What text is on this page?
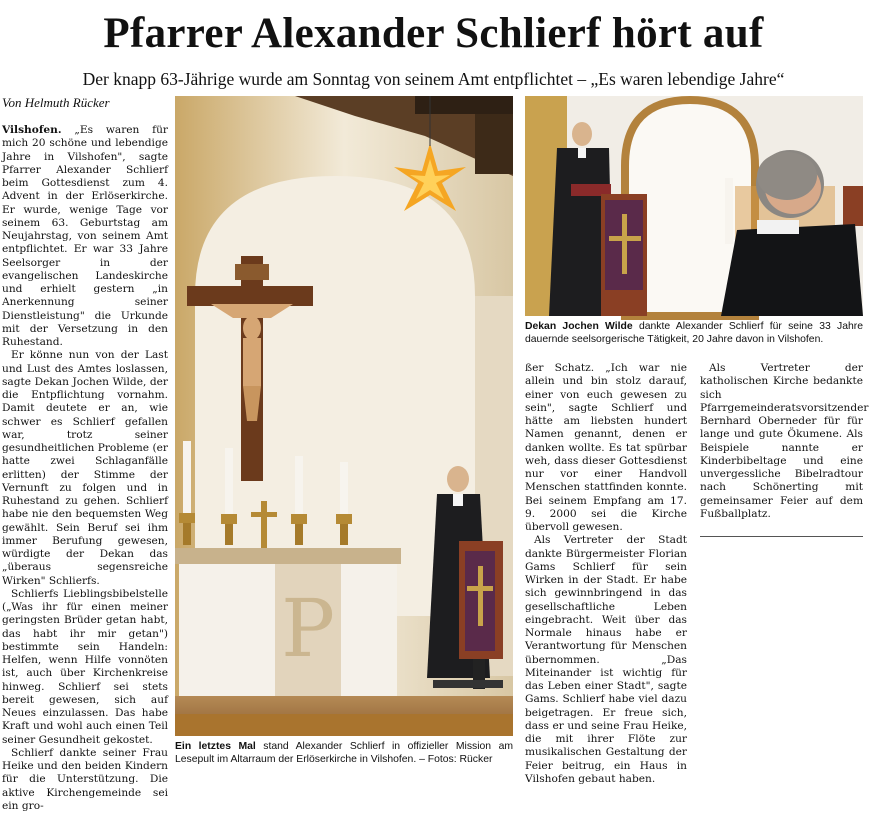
Pfarrer Alexander Schlierf hört auf
Der knapp 63-Jährige wurde am Sonntag von seinem Amt entpflichtet – „Es waren lebendige Jahre“
Von Helmuth Rücker

Vilshofen. „Es waren für mich 20 schöne und lebendige Jahre in Vilshofen", sagte Pfarrer Alexander Schlierf beim Gottesdienst zum 4. Advent in der Erlöserkirche. Er wurde, wenige Tage vor seinem 63. Geburtstag am Neujahrstag, von seinem Amt entpflichtet. Er war 33 Jahre Seelsorger in der evangelischen Landeskirche und erhielt gestern „in Anerkennung seiner Dienstleistung" die Urkunde mit der Versetzung in den Ruhestand.

Er könne nun von der Last und Lust des Amtes loslassen, sagte Dekan Jochen Wilde, der die Entpflichtung vornahm. Damit deutete er an, wie schwer es Schlierf gefallen war, trotz seiner gesundheitlichen Probleme (er hatte zwei Schlaganfälle erlitten) der Stimme der Vernunft zu folgen und in Ruhestand zu gehen. Schlierf habe nie den bequemsten Weg gewählt. Sein Beruf sei ihm immer Berufung gewesen, würdigte der Dekan das „überaus segensreiche Wirken" Schlierfs.

Schlierfs Lieblingsbibelstelle („Was ihr für einen meiner geringsten Brüder getan habt, das habt ihr mir getan") bestimmte sein Handeln: Helfen, wenn Hilfe vonnöten ist, auch über Kirchenkreise hinweg. Schlierf sei stets bereit gewesen, sich auf Neues einzulassen. Das habe Kraft und wohl auch einen Teil seiner Gesundheit gekostet.

Schlierf dankte seiner Frau Heike und den beiden Kindern für die Unterstützung. Die aktive Kirchengemeinde sei ein gro-

P
Dekan Jochen Wilde dankte Alexander Schlierf für seine 33 Jahre dauernde seelsorgerische Tätigkeit, 20 Jahre davon in Vilshofen.

ßer Schatz. „Ich war nie allein und bin stolz darauf, einer von euch gewesen zu sein", sagte Schlierf und hätte am liebsten hundert Namen genannt, denen er danken wollte. Es tat spürbar weh, dass dieser Gottesdienst nur vor einer Handvoll Menschen stattfinden konnte. Bei seinem Empfang am 17. 9. 2000 sei die Kirche übervoll gewesen.

Als Vertreter der Stadt dankte Bürgermeister Florian Gams Schlierf für sein Wirken in der Stadt. Er habe sich gewinnbringend in das gesellschaftliche Leben eingebracht. Weit über das Normale hinaus habe er Verantwortung für Menschen übernommen. „Das Miteinander ist wichtig für das Leben einer Stadt", sagte Gams. Schlierf habe viel dazu beigetragen. Er freue sich, dass er und seine Frau Heike, die mit ihrer Flöte zur musikalischen Gestaltung der Feier beitrug, ein Haus in Vilshofen gebaut haben.

Als Vertreter der katholischen Kirche bedankte sich Pfarrgemeinderatsvorsitzender Bernhard Oberneder für für lange und gute Ökumene. Als Beispiele nannte er Kinderbibeltage und eine unvergessliche Bibelradtour nach Schönerting mit gemeinsamer Feier auf dem Fußballplatz.

Ein letztes Mal stand Alexander Schlierf in offizieller Mission am Lesepult im Altarraum der Erlöserkirche in Vilshofen. – Fotos: Rücker
